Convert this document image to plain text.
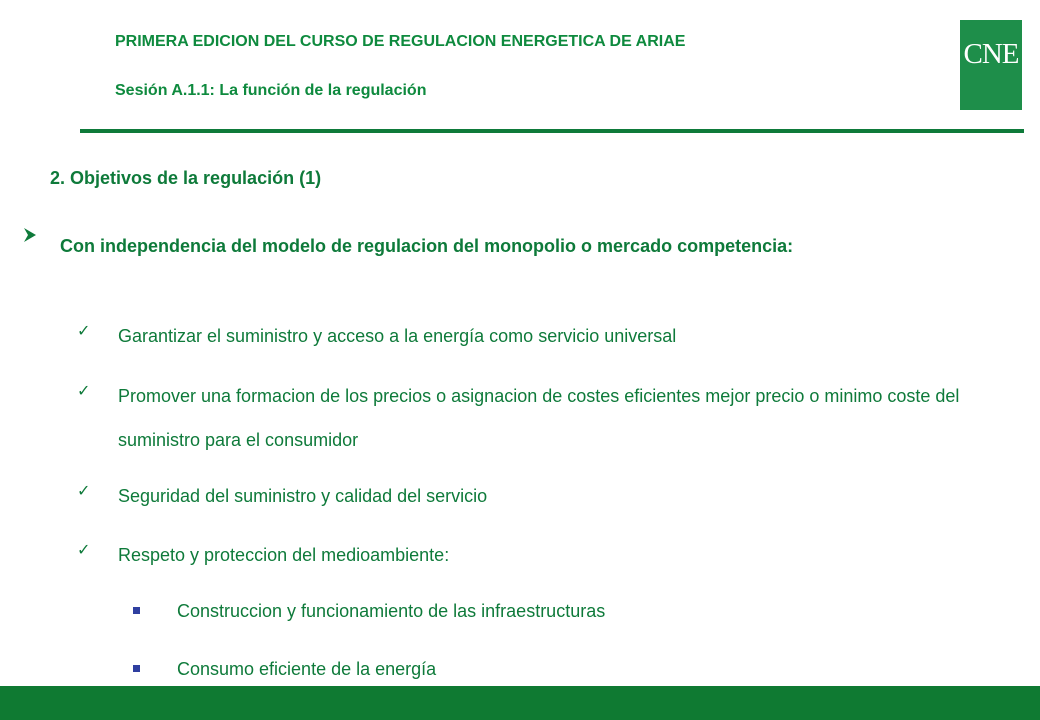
PRIMERA EDICION DEL CURSO DE REGULACION ENERGETICA DE ARIAE
Sesión A.1.1: La función de la regulación
CNE
2. Objetivos de la regulación (1)
Con independencia del modelo de regulacion del monopolio o mercado competencia:
✓ Garantizar el suministro y acceso a la energía como servicio universal
✓ Promover una formacion de los precios o asignacion de costes eficientes mejor precio o minimo coste del suministro para el consumidor
✓ Seguridad del suministro y calidad del servicio
✓ Respeto y proteccion del medioambiente:
Construccion y funcionamiento de las infraestructuras
Consumo eficiente de la energía
